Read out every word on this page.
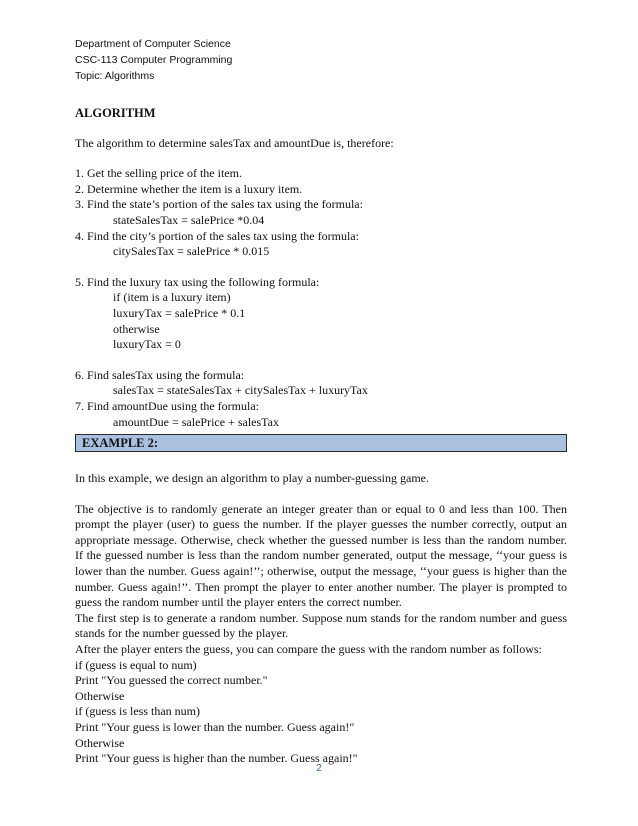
Department of Computer Science
CSC-113 Computer Programming
Topic: Algorithms
ALGORITHM

The algorithm to determine salesTax and amountDue is, therefore:

1. Get the selling price of the item.

2. Determine whether the item is a luxury item.

3. Find the state’s portion of the sales tax using the formula:

stateSalesTax = salePrice *0.04

4. Find the city’s portion of the sales tax using the formula:

citySalesTax = salePrice * 0.015

5. Find the luxury tax using the following formula:

if (item is a luxury item)

luxuryTax = salePrice * 0.1

otherwise

luxuryTax = 0

6. Find salesTax using the formula:

salesTax = stateSalesTax + citySalesTax + luxuryTax

7. Find amountDue using the formula:

amountDue = salePrice + salesTax

EXAMPLE 2:

In this example, we design an algorithm to play a number-guessing game.

The objective is to randomly generate an integer greater than or equal to 0 and less than 100. Then prompt the player (user) to guess the number. If the player guesses the number correctly, output an appropriate message. Otherwise, check whether the guessed number is less than the random number. If the guessed number is less than the random number generated, output the message, ‘‘your guess is lower than the number. Guess again!’’; otherwise, output the message, ‘‘your guess is higher than the number. Guess again!’’. Then prompt the player to enter another number. The player is prompted to guess the random number until the player enters the correct number.

The first step is to generate a random number. Suppose num stands for the random number and guess stands for the number guessed by the player.

After the player enters the guess, you can compare the guess with the random number as follows:

if (guess is equal to num)

Print "You guessed the correct number."

Otherwise

if (guess is less than num)

Print "Your guess is lower than the number. Guess again!"

Otherwise

Print "Your guess is higher than the number. Guess again!"

2
